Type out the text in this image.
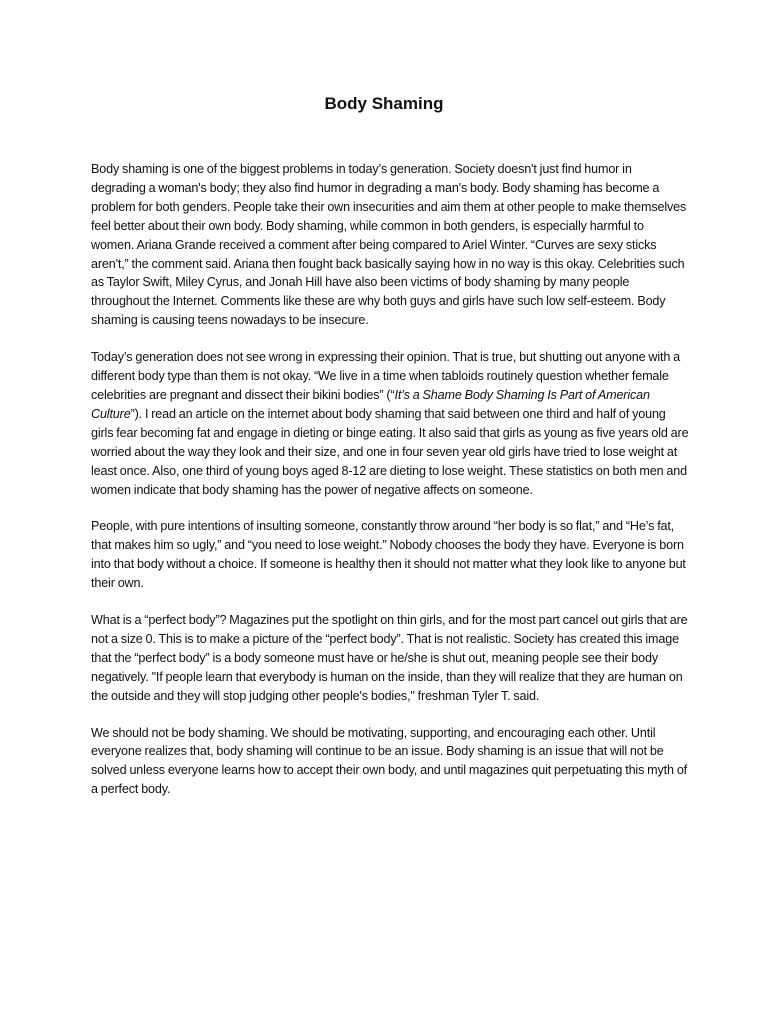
Body Shaming

Body shaming is one of the biggest problems in today’s generation. Society doesn't just find humor in degrading a woman's body; they also find humor in degrading a man's body. Body shaming has become a problem for both genders. People take their own insecurities and aim them at other people to make themselves feel better about their own body. Body shaming, while common in both genders, is especially harmful to women. Ariana Grande received a comment after being compared to Ariel Winter. “Curves are sexy sticks aren't,” the comment said. Ariana then fought back basically saying how in no way is this okay. Celebrities such as Taylor Swift, Miley Cyrus, and Jonah Hill have also been victims of body shaming by many people throughout the Internet. Comments like these are why both guys and girls have such low self-esteem. Body shaming is causing teens nowadays to be insecure.

Today’s generation does not see wrong in expressing their opinion. That is true, but shutting out anyone with a different body type than them is not okay. “We live in a time when tabloids routinely question whether female celebrities are pregnant and dissect their bikini bodies” (“It’s a Shame Body Shaming Is Part of American Culture”). I read an article on the internet about body shaming that said between one third and half of young girls fear becoming fat and engage in dieting or binge eating. It also said that girls as young as five years old are worried about the way they look and their size, and one in four seven year old girls have tried to lose weight at least once. Also, one third of young boys aged 8-12 are dieting to lose weight. These statistics on both men and women indicate that body shaming has the power of negative affects on someone.

People, with pure intentions of insulting someone, constantly throw around “her body is so flat,” and “He’s fat, that makes him so ugly,” and “you need to lose weight.” Nobody chooses the body they have. Everyone is born into that body without a choice. If someone is healthy then it should not matter what they look like to anyone but their own.

What is a “perfect body”? Magazines put the spotlight on thin girls, and for the most part cancel out girls that are not a size 0. This is to make a picture of the “perfect body”. That is not realistic. Society has created this image that the “perfect body” is a body someone must have or he/she is shut out, meaning people see their body negatively. "If people learn that everybody is human on the inside, than they will realize that they are human on the outside and they will stop judging other people's bodies," freshman Tyler T. said.

We should not be body shaming. We should be motivating, supporting, and encouraging each other. Until everyone realizes that, body shaming will continue to be an issue. Body shaming is an issue that will not be solved unless everyone learns how to accept their own body, and until magazines quit perpetuating this myth of a perfect body.
